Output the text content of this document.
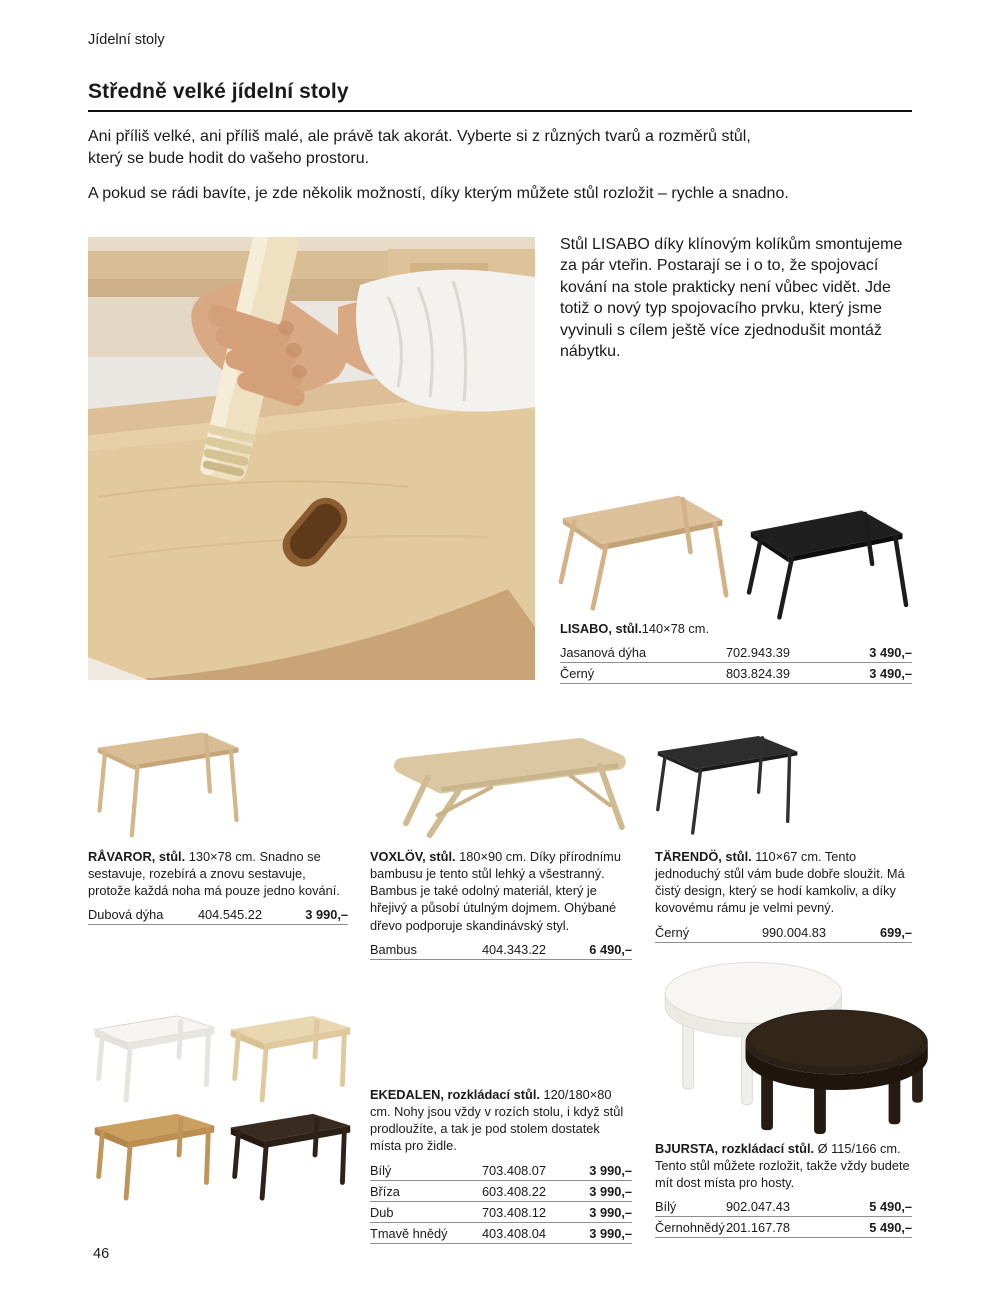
Jídelní stoly
Středně velké jídelní stoly
Ani příliš velké, ani příliš malé, ale právě tak akorát. Vyberte si z různých tvarů a rozměrů stůl, který se bude hodit do vašeho prostoru.
A pokud se rádi bavíte, je zde několik možností, díky kterým můžete stůl rozložit – rychle a snadno.
Stůl LISABO díky klínovým kolíkům smontujeme za pár vteřin. Postarají se i o to, že spojovací kování na stole prakticky není vůbec vidět. Jde totiž o nový typ spojovacího prvku, který jsme vyvinuli s cílem ještě více zjednodušit montáž nábytku.

LISABO, stůl.140×78 cm.

Jasanová dýha	702.943.39	3 490,–
Černý	803.824.39	3 490,–

RÅVAROR, stůl. 130×78 cm. Snadno se sestavuje, rozebírá a znovu sestavuje, protože každá noha má pouze jedno kování.

Dubová dýha	404.545.22	3 990,–

VOXLÖV, stůl. 180×90 cm. Díky přírodnímu bambusu je tento stůl lehký a všestranný. Bambus je také odolný materiál, který je hřejivý a působí útulným dojmem. Ohýbané dřevo podporuje skandinávský styl.

Bambus	404.343.22	6 490,–

TÄRENDÖ, stůl. 110×67 cm. Tento jednoduchý stůl vám bude dobře sloužit. Má čistý design, který se hodí kamkoliv, a díky kovovému rámu je velmi pevný.

Černý	990.004.83	699,–

EKEDALEN, rozkládací stůl. 120/180×80 cm. Nohy jsou vždy v rozích stolu, i když stůl prodloužíte, a tak je pod stolem dostatek místa pro židle.

Bílý	703.408.07	3 990,–
Bříza	603.408.22	3 990,–
Dub	703.408.12	3 990,–
Tmavě hnědý	403.408.04	3 990,–

BJURSTA, rozkládací stůl. Ø 115/166 cm. Tento stůl můžete rozložit, takže vždy budete mít dost místa pro hosty.

Bílý	902.047.43	5 490,–
Černohnědý 201.167.78	5 490,–
46
